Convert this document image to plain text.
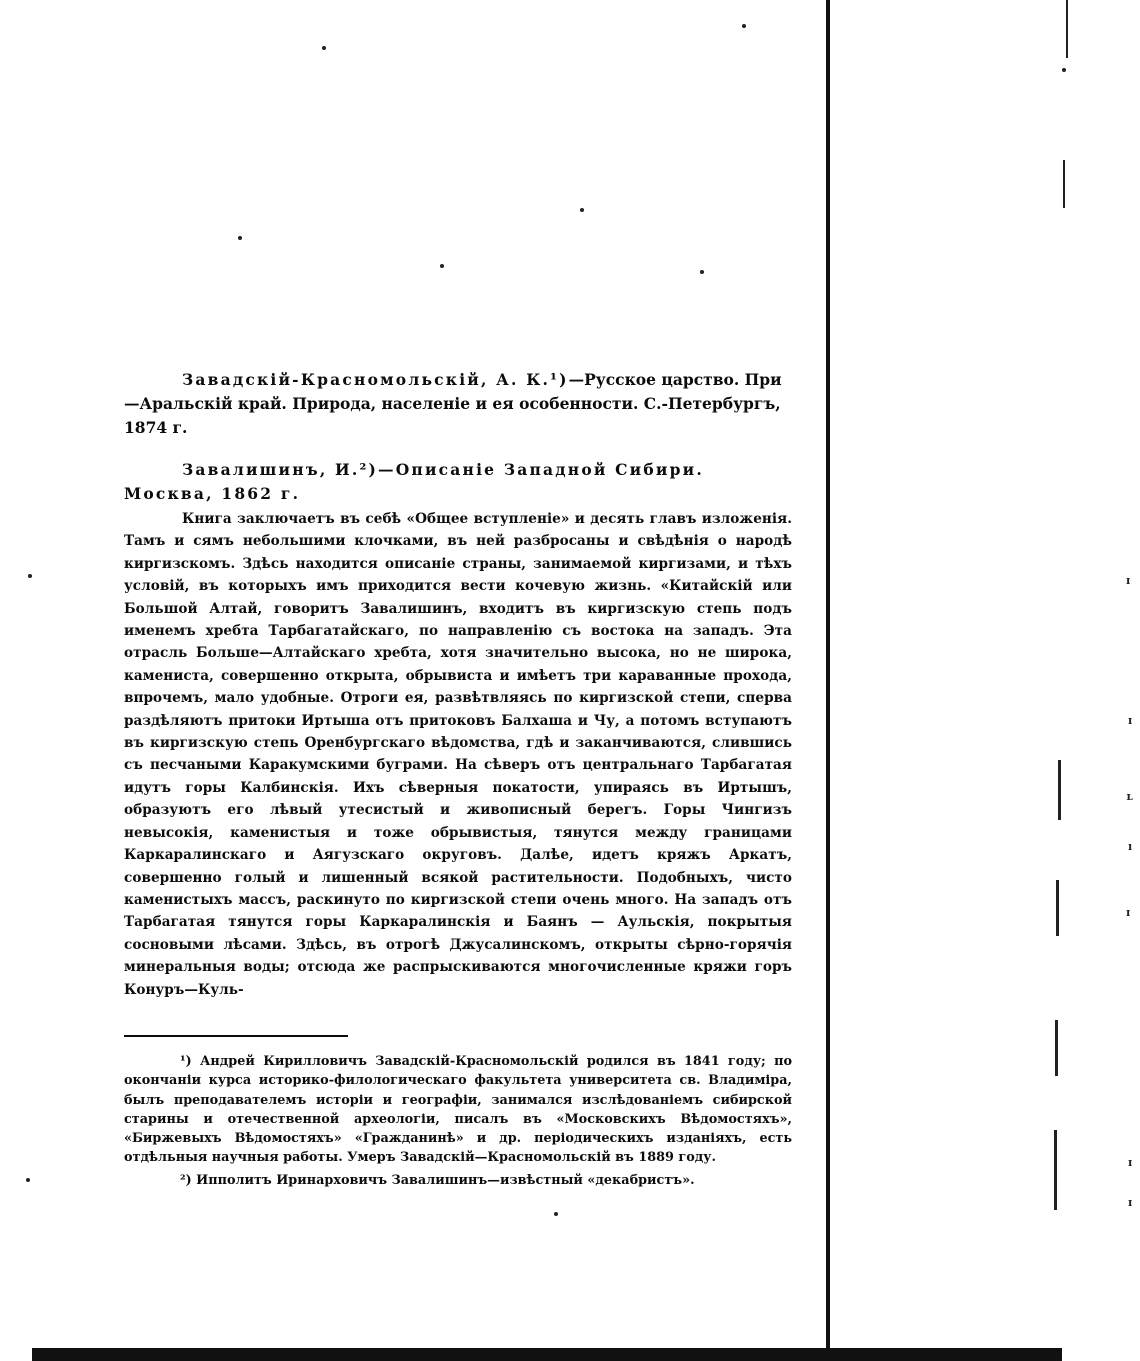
Завадскій-Красномольскій, А. К.¹)—Русское царство. При—Аральскій край. Природа, населеніе и ея особенности. С.-Петербургъ, 1874 г.
Завалишинъ, И.²)—Описаніе Западной Сибири. Москва, 1862 г.

Книга заключаетъ въ себѣ «Общее вступленіе» и десять главъ изложенія. Тамъ и сямъ небольшими клочками, въ ней разбросаны и свѣдѣнія о народѣ киргизскомъ. Здѣсь находится описаніе страны, занимаемой киргизами, и тѣхъ условій, въ которыхъ имъ приходится вести кочевую жизнь. «Китайскій или Большой Алтай, говоритъ Завалишинъ, входитъ въ киргизскую степь подъ именемъ хребта Тарбагатайскаго, по направленію съ востока на западъ. Эта отрасль Больше—Алтайскаго хребта, хотя значительно высока, но не широка, камениста, совершенно открыта, обрывиста и имѣетъ три караванные прохода, впрочемъ, мало удобные. Отроги ея, развѣтвляясь по киргизской степи, сперва раздѣляютъ притоки Иртыша отъ притоковъ Балхаша и Чу, а потомъ вступаютъ въ киргизскую степь Оренбургскаго вѣдомства, гдѣ и заканчиваются, слившись съ песчаными Каракумскими буграми. На сѣверъ отъ центральнаго Тарбагатая идутъ горы Калбинскія. Ихъ сѣверныя покатости, упираясь въ Иртышъ, образуютъ его лѣвый утесистый и живописный берегъ. Горы Чингизъ невысокія, каменистыя и тоже обрывистыя, тянутся между границами Каркаралинскаго и Аягузскаго округовъ. Далѣе, идетъ кряжъ Аркатъ, совершенно голый и лишенный всякой растительности. Подобныхъ, чисто каменистыхъ массъ, раскинуто по киргизской степи очень много. На западъ отъ Тарбагатая тянутся горы Каркаралинскія и Баянъ — Аульскія, покрытыя сосновыми лѣсами. Здѣсь, въ отрогѣ Джусалинскомъ, открыты сѣрно-горячія минеральныя воды; отсюда же распрыскиваются многочисленные кряжи горъ Конуръ—Куль-

¹) Андрей Кирилловичъ Завадскій-Красномольскій родился въ 1841 году; по окончаніи курса историко-филологическаго факультета университета св. Владиміра, былъ преподавателемъ исторіи и географіи, занимался изслѣдованіемъ сибирской старины и отечественной археологіи, писалъ въ «Московскихъ Вѣдомостяхъ», «Биржевыхъ Вѣдомостяхъ» «Гражданинѣ» и др. періодическихъ изданіяхъ, есть отдѣльныя научныя работы. Умеръ Завадскій—Красномольскій въ 1889 году.

²) Ипполитъ Иринарховичъ Завалишинъ—извѣстный «декабристъ».

ɪ
ɪ
ʟ
ı
ɪ
ɪ
ɪ
